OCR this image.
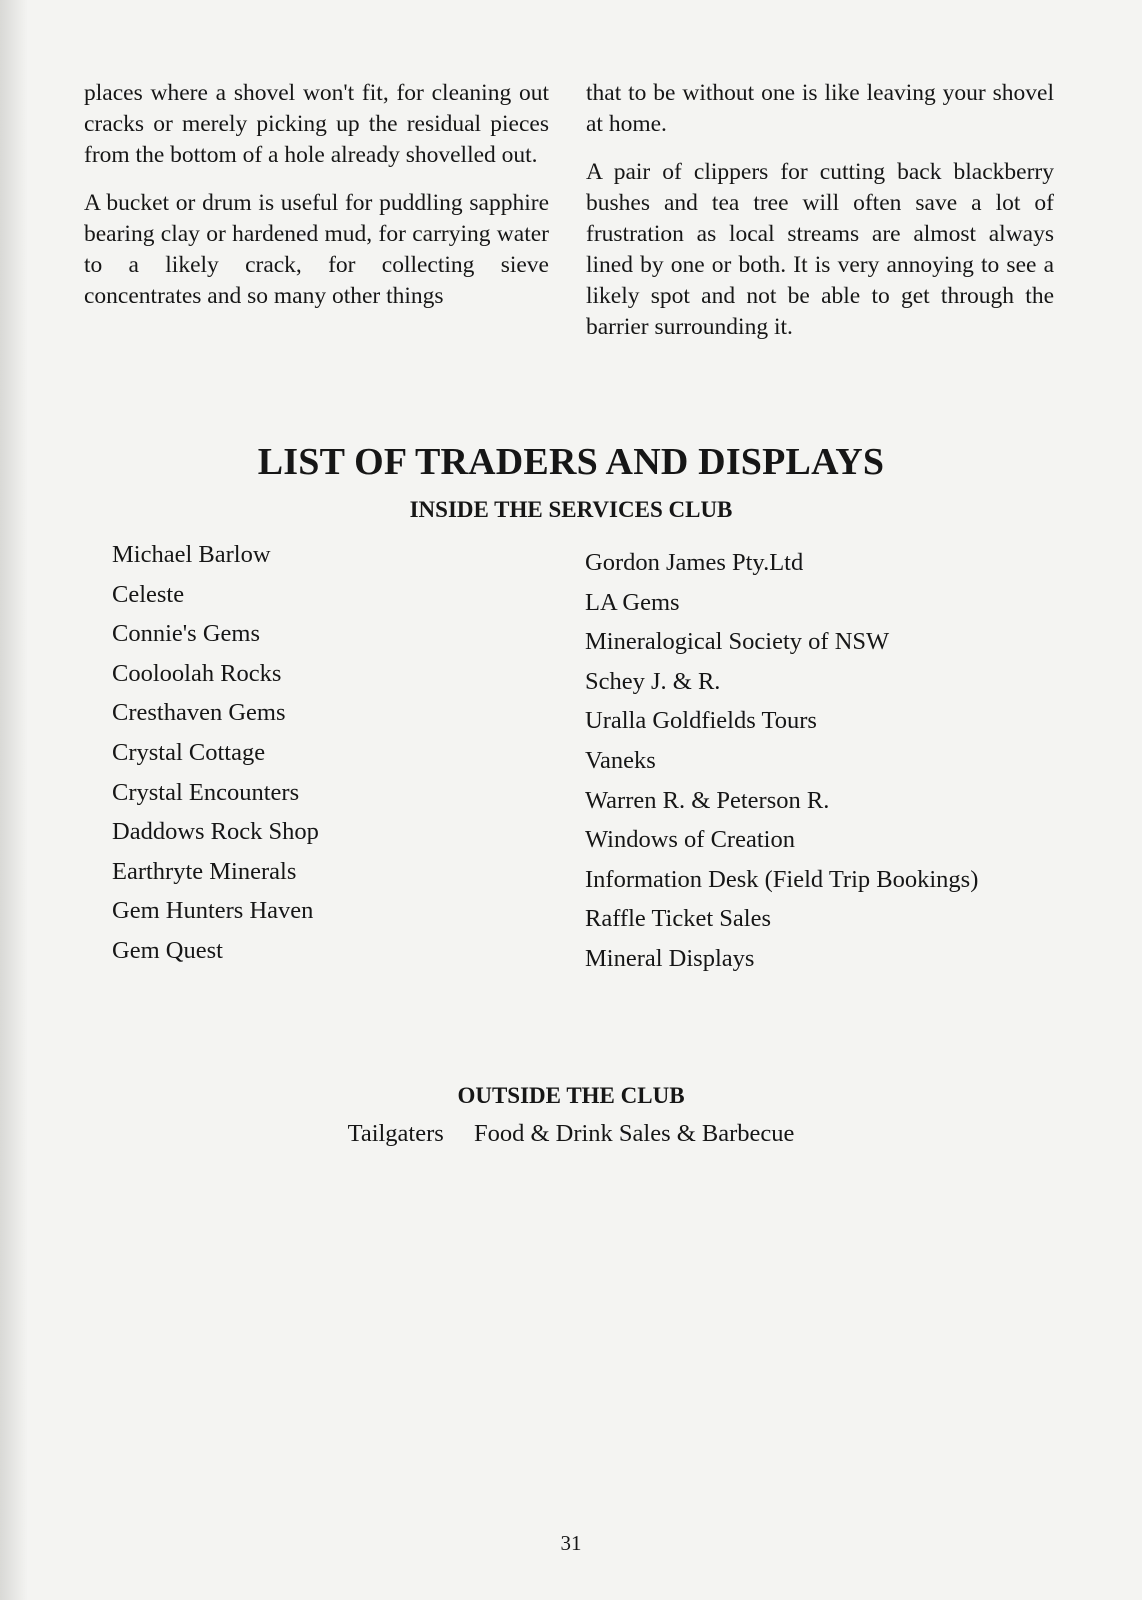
places where a shovel won't fit, for cleaning out cracks or merely picking up the residual pieces from the bottom of a hole already shovelled out.

A bucket or drum is useful for puddling sapphire bearing clay or hardened mud, for carrying water to a likely crack, for collecting sieve concentrates and so many other things

that to be without one is like leaving your shovel at home.

A pair of clippers for cutting back blackberry bushes and tea tree will often save a lot of frustration as local streams are almost always lined by one or both. It is very annoying to see a likely spot and not be able to get through the barrier surrounding it.

LIST OF TRADERS AND DISPLAYS
INSIDE THE SERVICES CLUB
Michael Barlow
Celeste
Connie's Gems
Cooloolah Rocks
Cresthaven Gems
Crystal Cottage
Crystal Encounters
Daddows Rock Shop
Earthryte Minerals
Gem Hunters Haven
Gem Quest
Gordon James Pty.Ltd
LA Gems
Mineralogical Society of NSW
Schey J. & R.
Uralla Goldfields Tours
Vaneks
Warren R. & Peterson R.
Windows of Creation
Information Desk (Field Trip Bookings)
Raffle Ticket Sales
Mineral Displays
OUTSIDE THE CLUB
Tailgaters Food & Drink Sales & Barbecue
31
